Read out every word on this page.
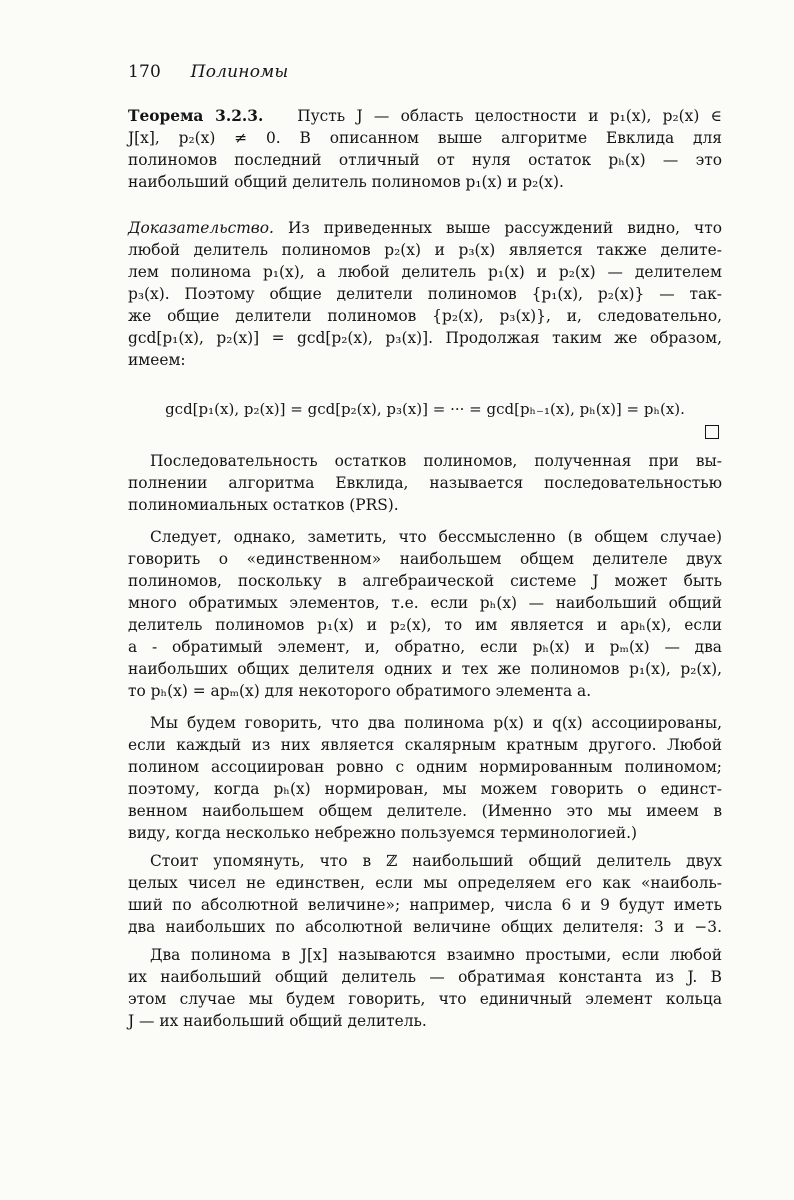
170 Полиномы
Теорема 3.2.3. Пусть J — область целостности и p₁(x), p₂(x) ∈
J[x], p₂(x) ≠ 0. В описанном выше алгоритме Евклида для
полиномов последний отличный от нуля остаток pₕ(x) — это
наибольший общий делитель полиномов p₁(x) и p₂(x).
Доказательство. Из приведенных выше рассуждений видно, что
любой делитель полиномов p₂(x) и p₃(x) является также делите-
лем полинома p₁(x), а любой делитель p₁(x) и p₂(x) — делителем
p₃(x). Поэтому общие делители полиномов {p₁(x), p₂(x)} — так-
же общие делители полиномов {p₂(x), p₃(x)}, и, следовательно,
gcd[p₁(x), p₂(x)] = gcd[p₂(x), p₃(x)]. Продолжая таким же образом,
имеем:
gcd[p₁(x), p₂(x)] = gcd[p₂(x), p₃(x)] = ··· = gcd[pₕ₋₁(x), pₕ(x)] = pₕ(x).
Последовательность остатков полиномов, полученная при вы-
полнении алгоритма Евклида, называется последовательностью
полиномиальных остатков (PRS).
Следует, однако, заметить, что бессмысленно (в общем случае)
говорить о «единственном» наибольшем общем делителе двух
полиномов, поскольку в алгебраической системе J может быть
много обратимых элементов, т.е. если pₕ(x) — наибольший общий
делитель полиномов p₁(x) и p₂(x), то им является и apₕ(x), если
a - обратимый элемент, и, обратно, если pₕ(x) и pₘ(x) — два
наибольших общих делителя одних и тех же полиномов p₁(x), p₂(x),
то pₕ(x) = apₘ(x) для некоторого обратимого элемента a.
Мы будем говорить, что два полинома p(x) и q(x) ассоциированы,
если каждый из них является скалярным кратным другого. Любой
полином ассоциирован ровно с одним нормированным полиномом;
поэтому, когда pₕ(x) нормирован, мы можем говорить о единст-
венном наибольшем общем делителе. (Именно это мы имеем в
виду, когда несколько небрежно пользуемся терминологией.)
Стоит упомянуть, что в ℤ наибольший общий делитель двух
целых чисел не единствен, если мы определяем его как «наиболь-
ший по абсолютной величине»; например, числа 6 и 9 будут иметь
два наибольших по абсолютной величине общих делителя: 3 и −3.
Два полинома в J[x] называются взаимно простыми, если любой
их наибольший общий делитель — обратимая константа из J. В
этом случае мы будем говорить, что единичный элемент кольца
J — их наибольший общий делитель.
